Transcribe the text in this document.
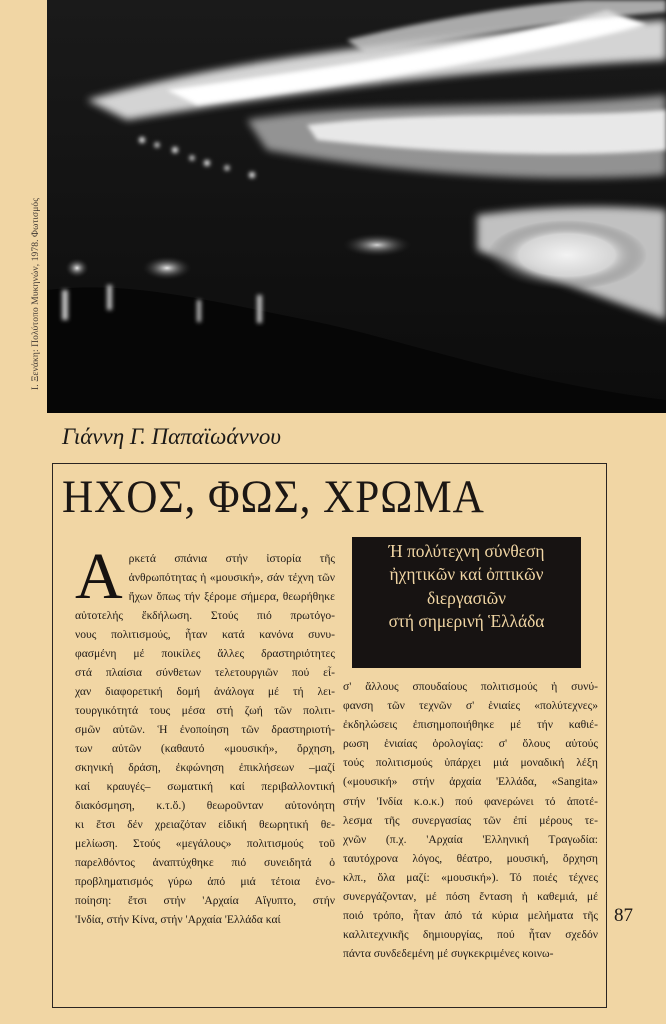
Ι. Ξενάκη: Πολύτοπο Μυκηνών, 1978. Φωτισμός
Γιάννη Γ. Παπαϊωάννου
ΗΧΟΣ, ΦΩΣ, ΧΡΩΜΑ
Ή πολύτεχνη σύνθεση
ἠχητικῶν καί ὀπτικῶν
διεργασιῶν
στή σημερινή Ἑλλάδα
Α ρκετά σπάνια στήν ἱστορία τῆς
ἀνθρωπότητας ἡ «μουσική», σάν τέχνη τῶν
ἤχων ὅπως τήν ξέρομε σήμερα, θεωρήθηκε
αὐτοτελής ἔκδήλωση. Στούς πιό πρωτόγο-
νους πολιτισμούς, ἦταν κατά κανόνα συνυ-
φασμένη μέ ποικίλες ἄλλες δραστηριότητες
στά πλαίσια σύνθετων τελετουργιῶν πού εἶ-
χαν διαφορετική δομή ἀνάλογα μέ τή λει-
τουργικότητά τους μέσα στή ζωή τῶν πολιτι-
σμῶν αὐτῶν. Ἡ ἐνοποίηση τῶν δραστηριοτή-
των αὐτῶν (καθαυτό «μουσική», ὄρχηση,
σκηνική δράση, ἐκφώνηση ἐπικλήσεων –μαζί
καί κραυγές– σωματική καί περιβαλλοντική
διακόσμηση, κ.τ.ὅ.) θεωροῦνταν αὐτονόητη
κι ἔτσι δέν χρειαζόταν εἰδική θεωρητική θε-
μελίωση. Στούς «μεγάλους» πολιτισμούς τοῦ
παρελθόντος ἀναπτύχθηκε πιό συνειδητά ὁ
προβληματισμός γύρω ἀπό μιά τέτοια ἑνο-
ποίηση: ἔτσι στήν 'Αρχαία Αἴγυπτο, στήν
'Ινδία, στήν Κίνα, στήν 'Αρχαία 'Ελλάδα καί
σ' ἄλλους σπουδαίους πολιτισμούς ἡ συνύ-
φανση τῶν τεχνῶν σ' ἑνιαίες «πολύτεχνες»
ἐκδηλώσεις ἐπισημοποιήθηκε μέ τήν καθιέ-
ρωση ἑνιαίας ὁρολογίας: σ' ὅλους αὐτούς
τούς πολιτισμούς ὑπάρχει μιά μοναδική λέξη
(«μουσική» στήν ἀρχαία 'Ελλάδα, «Sangita»
στήν 'Ινδία κ.ο.κ.) πού φανερώνει τό ἀποτέ-
λεσμα τῆς συνεργασίας τῶν ἐπί μέρους τε-
χνῶν (π.χ. 'Αρχαία 'Ελληνική Τραγωδία:
ταυτόχρονα λόγος, θέατρο, μουσική, ὄρχηση
κλπ., ὅλα μαζί: «μουσική»). Τό ποιές τέχνες
συνεργάζονταν, μέ πόση ἔνταση ἡ καθεμιά, μέ
ποιό τρόπο, ἦταν ἀπό τά κύρια μελήματα τῆς
καλλιτεχνικῆς δημιουργίας, πού ἦταν σχεδόν
πάντα συνδεδεμένη μέ συγκεκριμένες κοινω-
87
